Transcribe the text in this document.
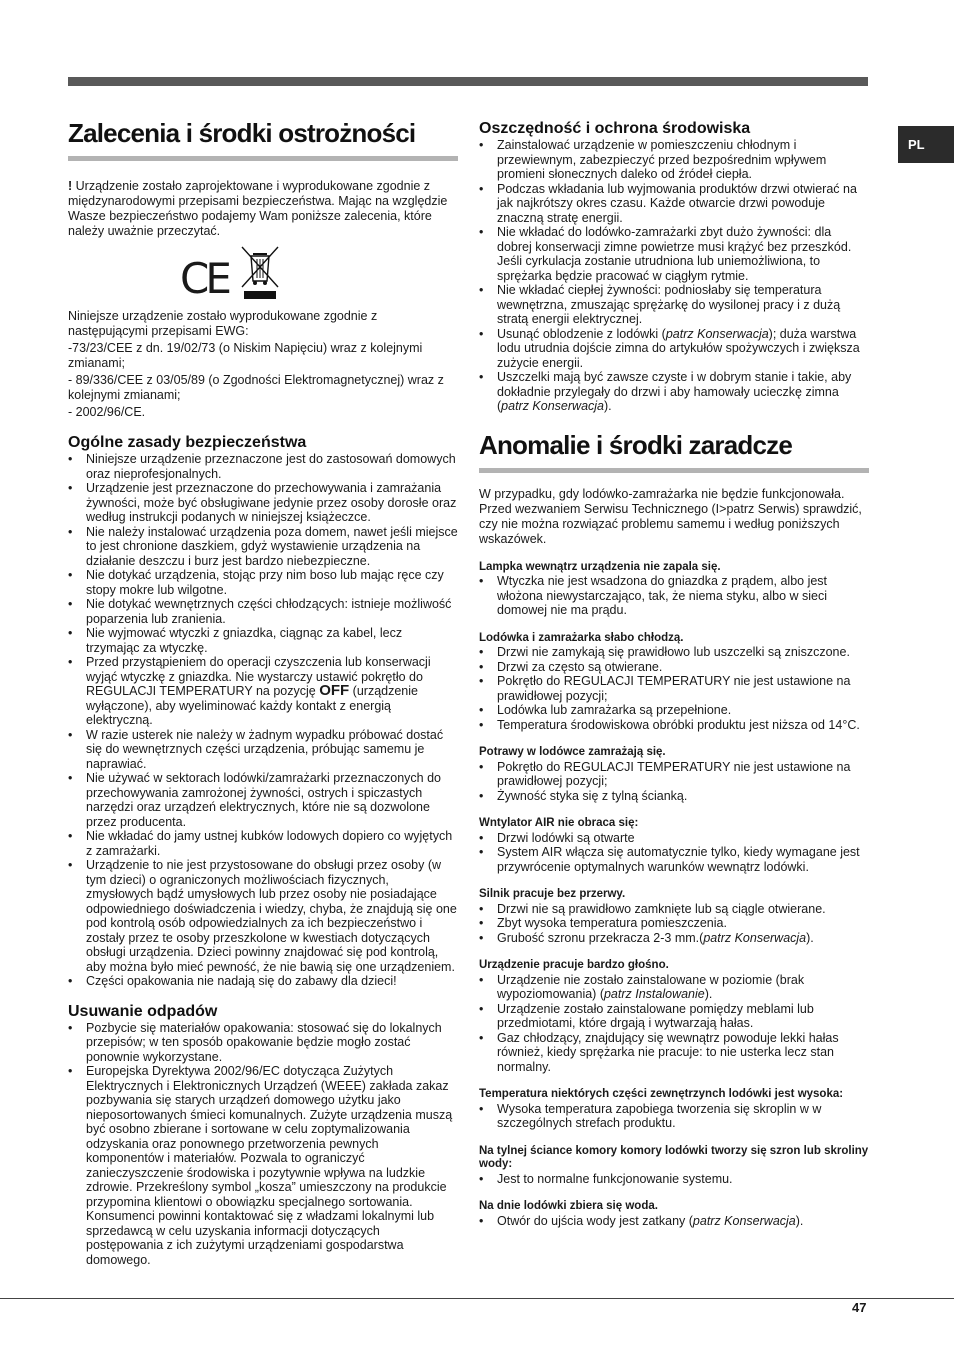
PL
Zalecenia i środki ostrożności

! Urządzenie zostało zaprojektowane i wyprodukowane zgodnie z międzynarodowymi przepisami bezpieczeństwa. Mając na względzie Wasze bezpieczeństwo podajemy Wam poniższe zalecenia, które należy uważnie przeczytać.

CE

Niniejsze urządzenie zostało wyprodukowane zgodnie z następującymi przepisami EWG:

-73/23/CEE z dn. 19/02/73 (o Niskim Napięciu) wraz z kolejnymi zmianami;

- 89/336/CEE z 03/05/89 (o Zgodności Elektromagnetycznej) wraz z kolejnymi zmianami;

- 2002/96/CE.

Ogólne zasady bezpieczeństwa
• Niniejsze urządzenie przeznaczone jest do zastosowań domowych oraz nieprofesjonalnych.
• Urządzenie jest przeznaczone do przechowywania i zamrażania żywności, może być obsługiwane jedynie przez osoby dorosłe oraz według instrukcji podanych w niniejszej książeczce.
• Nie należy instalować urządzenia poza domem, nawet jeśli miejsce to jest chronione daszkiem, gdyż wystawienie urządzenia na działanie deszczu i burz jest bardzo niebezpieczne.
• Nie dotykać urządzenia, stojąc przy nim boso lub mając ręce czy stopy mokre lub wilgotne.
• Nie dotykać wewnętrznych części chłodzących: istnieje możliwość poparzenia lub zranienia.
• Nie wyjmować wtyczki z gniazdka, ciągnąc za kabel, lecz trzymając za wtyczkę.
• Przed przystąpieniem do operacji czyszczenia lub konserwacji wyjąć wtyczkę z gniazdka. Nie wystarczy ustawić pokrętło do REGULACJI TEMPERATURY na pozycję OFF (urządzenie wyłączone), aby wyeliminować każdy kontakt z energią elektryczną.
• W razie usterek nie należy w żadnym wypadku próbować dostać się do wewnętrznych części urządzenia, próbując samemu je naprawiać.
• Nie używać w sektorach lodówki/zamrażarki przeznaczonych do przechowywania zamrożonej żywności, ostrych i spiczastych narzędzi oraz urządzeń elektrycznych, które nie są dozwolone przez producenta.
• Nie wkładać do jamy ustnej kubków lodowych dopiero co wyjętych z zamrażarki.
• Urządzenie to nie jest przystosowane do obsługi przez osoby (w tym dzieci) o ograniczonych możliwościach fizycznych, zmysłowych bądź umysłowych lub przez osoby nie posiadające odpowiedniego doświadczenia i wiedzy, chyba, że znajdują się one pod kontrolą osób odpowiedzialnych za ich bezpieczeństwo i zostały przez te osoby przeszkolone w kwestiach dotyczących obsługi urządzenia. Dzieci powinny znajdować się pod kontrolą, aby można było mieć pewność, że nie bawią się one urządzeniem.
• Części opakowania nie nadają się do zabawy dla dzieci!
Usuwanie odpadów
• Pozbycie się materiałów opakowania: stosować się do lokalnych przepisów; w ten sposób opakowanie będzie mogło zostać ponownie wykorzystane.
• Europejska Dyrektywa 2002/96/EC dotycząca Zużytych Elektrycznych i Elektronicznych Urządzeń (WEEE) zakłada zakaz pozbywania się starych urządzeń domowego użytku jako nieposortowanych śmieci komunalnych. Zużyte urządzenia muszą być osobno zbierane i sortowane w celu zoptymalizowania odzyskania oraz ponownego przetworzenia pewnych komponentów i materiałów. Pozwala to ograniczyć zanieczyszczenie środowiska i pozytywnie wpływa na ludzkie zdrowie. Przekreślony symbol „kosza” umieszczony na produkcie przypomina klientowi o obowiązku specjalnego sortowania. Konsumenci powinni kontaktować się z władzami lokalnymi lub sprzedawcą w celu uzyskania informacji dotyczących postępowania z ich zużytymi urządzeniami gospodarstwa domowego.
Oszczędność i ochrona środowiska
• Zainstalować urządzenie w pomieszczeniu chłodnym i przewiewnym, zabezpieczyć przed bezpośrednim wpływem promieni słonecznych daleko od źródeł ciepła.
• Podczas wkładania lub wyjmowania produktów drzwi otwierać na jak najkrótszy okres czasu. Każde otwarcie drzwi powoduje znaczną stratę energii.
• Nie wkładać do lodówko-zamrażarki zbyt dużo żywności: dla dobrej konserwacji zimne powietrze musi krążyć bez przeszkód. Jeśli cyrkulacja zostanie utrudniona lub uniemożliwiona, to sprężarka będzie pracować w ciągłym rytmie.
• Nie wkładać ciepłej żywności: podniosłaby się temperatura wewnętrzna, zmuszając sprężarkę do wysilonej pracy i z dużą stratą energii elektrycznej.
• Usunąć oblodzenie z lodówki (patrz Konserwacja); duża warstwa lodu utrudnia dojście zimna do artykułów spożywczych i zwiększa zużycie energii.
• Uszczelki mają być zawsze czyste i w dobrym stanie i takie, aby dokładnie przylegały do drzwi i aby hamowały ucieczkę zimna (patrz Konserwacja).
Anomalie i środki zaradcze

W przypadku, gdy lodówko-zamrażarka nie będzie funkcjonowała. Przed wezwaniem Serwisu Technicznego (I>patrz Serwis) sprawdzić, czy nie można rozwiązać problemu samemu i według poniższych wskazówek.

Lampka wewnątrz urządzenia nie zapala się.

• Wtyczka nie jest wsadzona do gniazdka z prądem, albo jest włożona niewystarczająco, tak, że niema styku, albo w sieci domowej nie ma prądu.

Lodówka i zamrażarka słabo chłodzą.

• Drzwi nie zamykają się prawidłowo lub uszczelki są zniszczone.
• Drzwi za często są otwierane.
• Pokrętło do REGULACJI TEMPERATURY nie jest ustawione na prawidłowej pozycji;
• Lodówka lub zamrażarka są przepełnione.
• Temperatura środowiskowa obróbki produktu jest niższa od 14°C.

Potrawy w lodówce zamrażają się.

• Pokrętło do REGULACJI TEMPERATURY nie jest ustawione na prawidłowej pozycji;
• Żywność styka się z tylną ścianką.

Wntylator AIR nie obraca się:

• Drzwi lodówki są otwarte
• System AIR włącza się automatycznie tylko, kiedy wymagane jest przywrócenie optymalnych warunków wewnątrz lodówki.

Silnik pracuje bez przerwy.

• Drzwi nie są prawidłowo zamknięte lub są ciągle otwierane.
• Zbyt wysoka temperatura pomieszczenia.
• Grubość szronu przekracza 2-3 mm.(patrz Konserwacja).

Urządzenie pracuje bardzo głośno.

• Urządzenie nie zostało zainstalowane w poziomie (brak wypoziomowania) (patrz Instalowanie).
• Urządzenie zostało zainstalowane pomiędzy meblami lub przedmiotami, które drgają i wytwarzają hałas.
• Gaz chłodzący, znajdujący się wewnątrz powoduje lekki hałas również, kiedy sprężarka nie pracuje: to nie usterka lecz stan normalny.

Temperatura niektórych części zewnętrzynch lodówki jest wysoka:

• Wysoka temperatura zapobiega tworzenia się skroplin w w szczególnych strefach produktu.

Na tylnej ściance komory komory lodówki tworzy się szron lub skroliny wody:

• Jest to normalne funkcjonowanie systemu.

Na dnie lodówki zbiera się woda.

• Otwór do ujścia wody jest zatkany (patrz Konserwacja).
47
